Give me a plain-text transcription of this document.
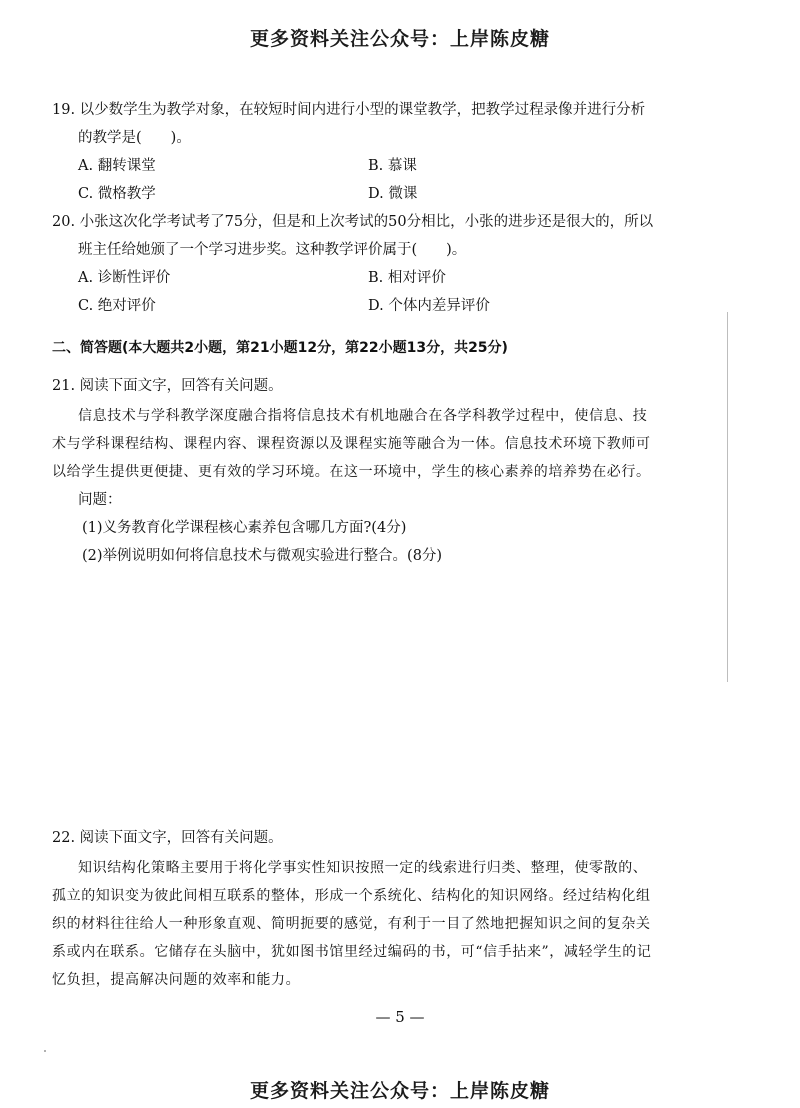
更多资料关注公众号：上岸陈皮糖
19. 以少数学生为教学对象，在较短时间内进行小型的课堂教学，把教学过程录像并进行分析
的教学是(　　)。
A. 翻转课堂	B. 慕课
C. 微格教学	D. 微课
20. 小张这次化学考试考了75分，但是和上次考试的50分相比，小张的进步还是很大的，所以
班主任给她颁了一个学习进步奖。这种教学评价属于(　　)。
A. 诊断性评价	B. 相对评价
C. 绝对评价	D. 个体内差异评价
二、简答题(本大题共2小题，第21小题12分，第22小题13分，共25分)
21. 阅读下面文字，回答有关问题。
信息技术与学科教学深度融合指将信息技术有机地融合在各学科教学过程中，使信息、技
术与学科课程结构、课程内容、课程资源以及课程实施等融合为一体。信息技术环境下教师可
以给学生提供更便捷、更有效的学习环境。在这一环境中，学生的核心素养的培养势在必行。
问题：
(1)义务教育化学课程核心素养包含哪几方面?(4分)
(2)举例说明如何将信息技术与微观实验进行整合。(8分)
22. 阅读下面文字，回答有关问题。
知识结构化策略主要用于将化学事实性知识按照一定的线索进行归类、整理，使零散的、
孤立的知识变为彼此间相互联系的整体，形成一个系统化、结构化的知识网络。经过结构化组
织的材料往往给人一种形象直观、简明扼要的感觉，有利于一目了然地把握知识之间的复杂关
系或内在联系。它储存在头脑中，犹如图书馆里经过编码的书，可“信手拈来”，减轻学生的记
忆负担，提高解决问题的效率和能力。
— 5 —
更多资料关注公众号：上岸陈皮糖
